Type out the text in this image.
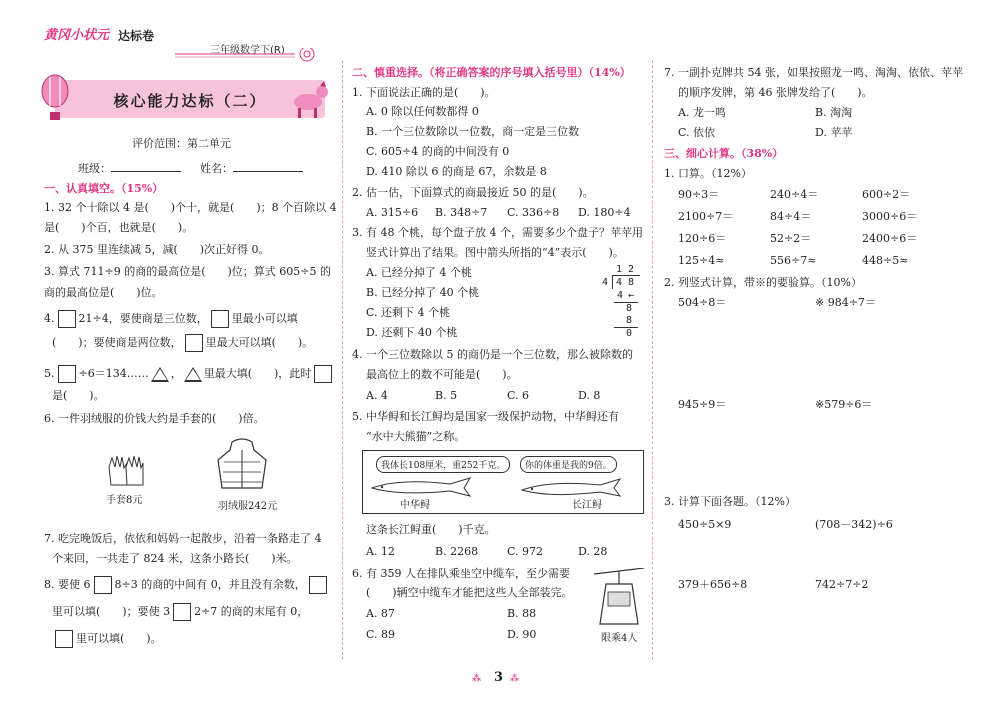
黄冈小状元 达标卷
三年级数学下(R)
核心能力达标（二）
评价范围：第二单元
班级：	姓名：
一、认真填空。（15%）
1. 32 个十除以 4 是(　　)个十，就是(　　)；8 个百除以 4
是(　　)个百，也就是(　　)。
2. 从 375 里连续减 5，减(　　)次正好得 0。
3. 算式 711÷9 的商的最高位是(　　)位；算式 605÷5 的
商的最高位是(　　)位。
4. 21÷4，要使商是三位数， 里最小可以填
(　　)；要使商是两位数， 里最大可以填(　　)。
5. ÷6＝134…… ， 里最大填(　　)，此时
是(　　)。
6. 一件羽绒服的价钱大约是手套的(　　)倍。
手套8元
羽绒服242元
7. 吃完晚饭后，依依和妈妈一起散步，沿着一条路走了 4
个来回，一共走了 824 米，这条小路长(　　)米。
8. 要使 6 8÷3 的商的中间有 0，并且没有余数，
里可以填(　　)；要使 3 2÷7 的商的末尾有 0，
里可以填(　　)。
二、慎重选择。（将正确答案的序号填入括号里）（14%）
1. 下面说法正确的是(　　)。
A. 0 除以任何数都得 0
B. 一个三位数除以一位数，商一定是三位数
C. 605÷4 的商的中间没有 0
D. 410 除以 6 的商是 67，余数是 8
2. 估一估，下面算式的商最接近 50 的是(　　)。
A. 315÷6 B. 348÷7 C. 336÷8 D. 180÷4
3. 有 48 个桃，每个盘子放 4 个，需要多少个盘子？苹苹用
竖式计算出了结果。图中箭头所指的“4”表示(　　)。
A. 已经分掉了 4 个桃
B. 已经分掉了 40 个桃
C. 还剩下 4 个桃
D. 还剩下 40 个桃
1 2
4 4 8
4 ←
8
8
0
4. 一个三位数除以 5 的商仍是一个三位数，那么被除数的
最高位上的数不可能是(　　)。
A. 4	B. 5	C. 6	D. 8
5. 中华鲟和长江鲟均是国家一级保护动物，中华鲟还有
“水中大熊猫”之称。
我体长108厘米，重252千克。	你的体重是我的9倍。
中华鲟	长江鲟
这条长江鲟重(　　)千克。
A. 12	B. 2268	C. 972	D. 28
6. 有 359 人在排队乘坐空中缆车，至少需要
(　　)辆空中缆车才能把这些人全部装完。
A. 87	B. 88
C. 89	D. 90	限乘4人
7. 一副扑克牌共 54 张，如果按照龙一鸣、淘淘、依依、苹苹
的顺序发牌，第 46 张牌发给了(　　)。
A. 龙一鸣	B. 淘淘
C. 依依	D. 苹苹
三、细心计算。（38%）
1. 口算。（12%）
90÷3＝	240÷4＝	600÷2＝
2100÷7＝	84÷4＝	3000÷6＝
120÷6＝	52÷2＝	2400÷6＝
125÷4≈	556÷7≈	448÷5≈
2. 列竖式计算，带※的要验算。（10%）
504÷8＝	※ 984÷7＝
945÷9＝	※579÷6＝
3. 计算下面各题。（12%）
450÷5×9	(708－342)÷6
379＋656÷8	742÷7÷2
⁂ 3 ⁂
